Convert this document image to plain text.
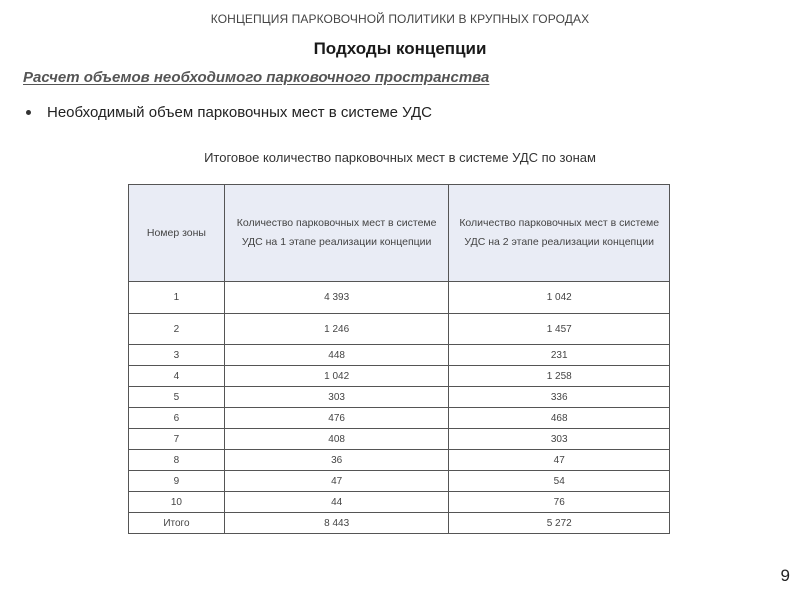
КОНЦЕПЦИЯ ПАРКОВОЧНОЙ ПОЛИТИКИ В КРУПНЫХ ГОРОДАХ
Подходы концепции
Расчет объемов необходимого парковочного пространства
Необходимый объем парковочных мест в системе УДС
Итоговое количество парковочных мест в системе УДС по зонам
Номер зоны	Количество парковочных мест в системе УДС на 1 этапе реализации концепции	Количество парковочных мест в системе УДС на 2 этапе реализации концепции
1	4 393	1 042
2	1 246	1 457
3	448	231
4	1 042	1 258
5	303	336
6	476	468
7	408	303
8	36	47
9	47	54
10	44	76
Итого	8 443	5 272
9
